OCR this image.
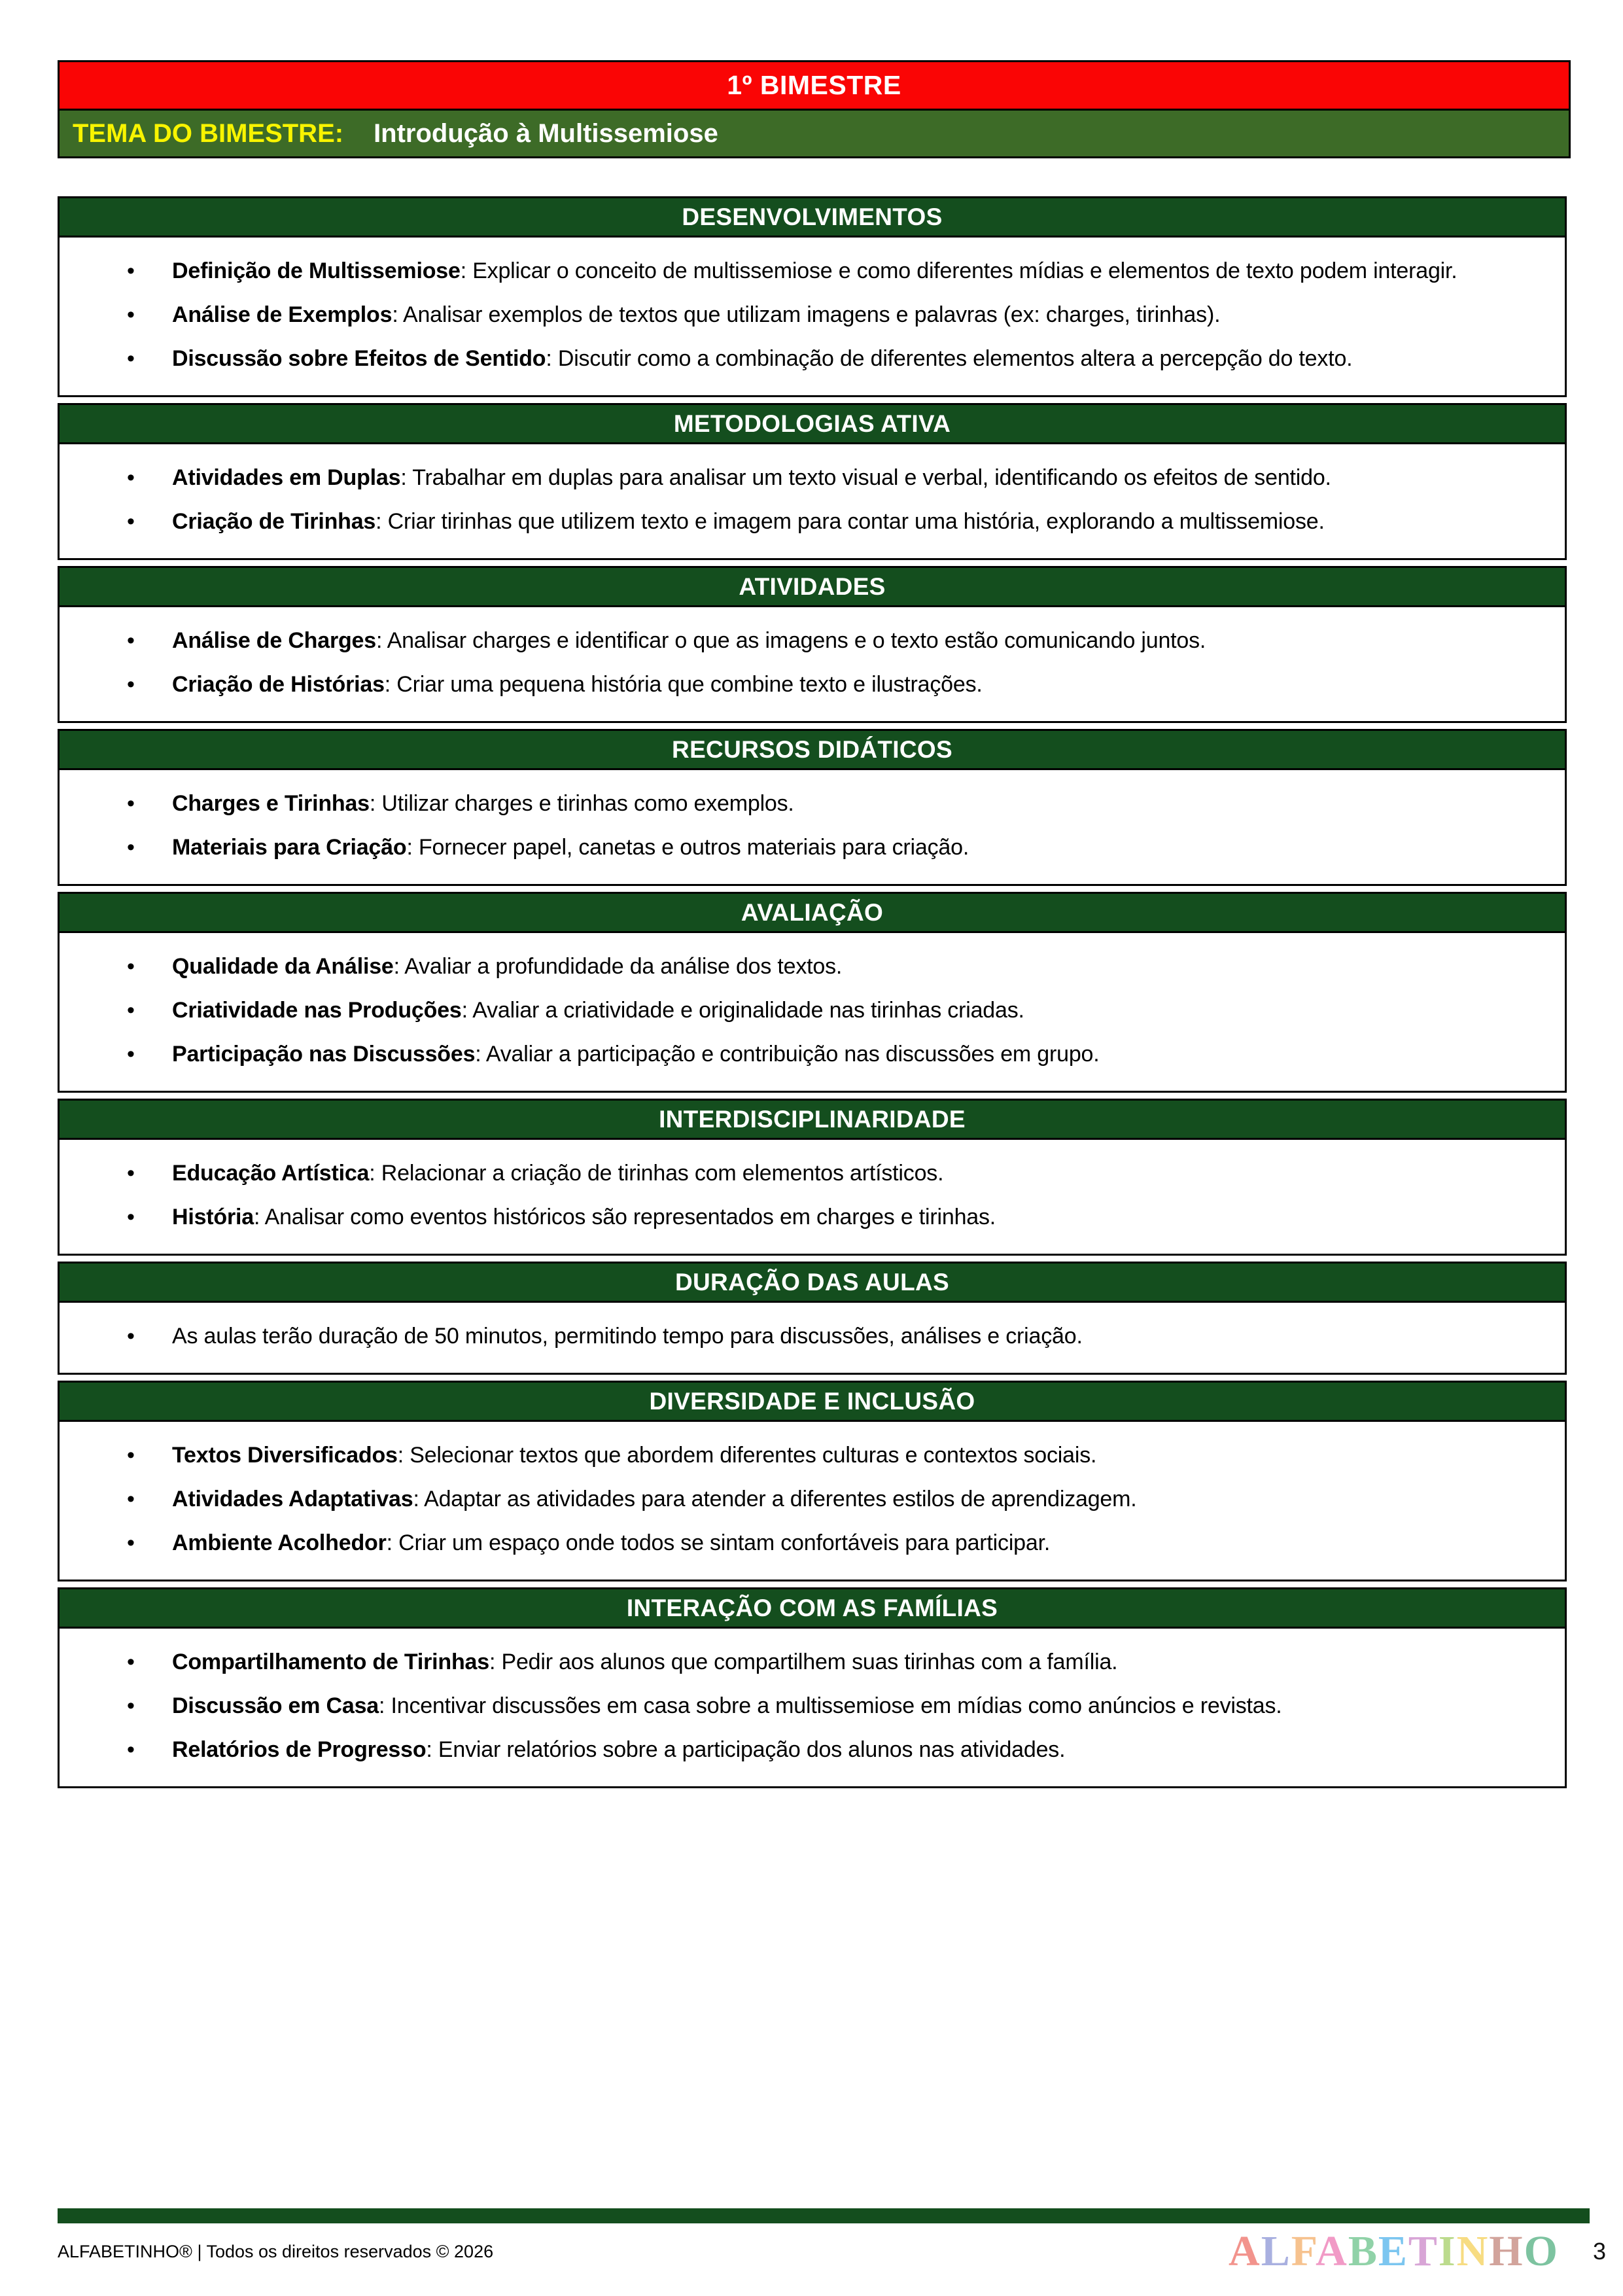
1º BIMESTRE
TEMA DO BIMESTRE: Introdução à Multissemiose
DESENVOLVIMENTOS
• Definição de Multissemiose: Explicar o conceito de multissemiose e como diferentes mídias e elementos de texto podem interagir.
• Análise de Exemplos: Analisar exemplos de textos que utilizam imagens e palavras (ex: charges, tirinhas).
• Discussão sobre Efeitos de Sentido: Discutir como a combinação de diferentes elementos altera a percepção do texto.
METODOLOGIAS ATIVA
• Atividades em Duplas: Trabalhar em duplas para analisar um texto visual e verbal, identificando os efeitos de sentido.
• Criação de Tirinhas: Criar tirinhas que utilizem texto e imagem para contar uma história, explorando a multissemiose.
ATIVIDADES
• Análise de Charges: Analisar charges e identificar o que as imagens e o texto estão comunicando juntos.
• Criação de Histórias: Criar uma pequena história que combine texto e ilustrações.
RECURSOS DIDÁTICOS
• Charges e Tirinhas: Utilizar charges e tirinhas como exemplos.
• Materiais para Criação: Fornecer papel, canetas e outros materiais para criação.
AVALIAÇÃO
• Qualidade da Análise: Avaliar a profundidade da análise dos textos.
• Criatividade nas Produções: Avaliar a criatividade e originalidade nas tirinhas criadas.
• Participação nas Discussões: Avaliar a participação e contribuição nas discussões em grupo.
INTERDISCIPLINARIDADE
• Educação Artística: Relacionar a criação de tirinhas com elementos artísticos.
• História: Analisar como eventos históricos são representados em charges e tirinhas.
DURAÇÃO DAS AULAS
• As aulas terão duração de 50 minutos, permitindo tempo para discussões, análises e criação.
DIVERSIDADE E INCLUSÃO
• Textos Diversificados: Selecionar textos que abordem diferentes culturas e contextos sociais.
• Atividades Adaptativas: Adaptar as atividades para atender a diferentes estilos de aprendizagem.
• Ambiente Acolhedor: Criar um espaço onde todos se sintam confortáveis para participar.
INTERAÇÃO COM AS FAMÍLIAS
• Compartilhamento de Tirinhas: Pedir aos alunos que compartilhem suas tirinhas com a família.
• Discussão em Casa: Incentivar discussões em casa sobre a multissemiose em mídias como anúncios e revistas.
• Relatórios de Progresso: Enviar relatórios sobre a participação dos alunos nas atividades.
ALFABETINHO® | Todos os direitos reservados © 2026	ALFABETINHO 3
